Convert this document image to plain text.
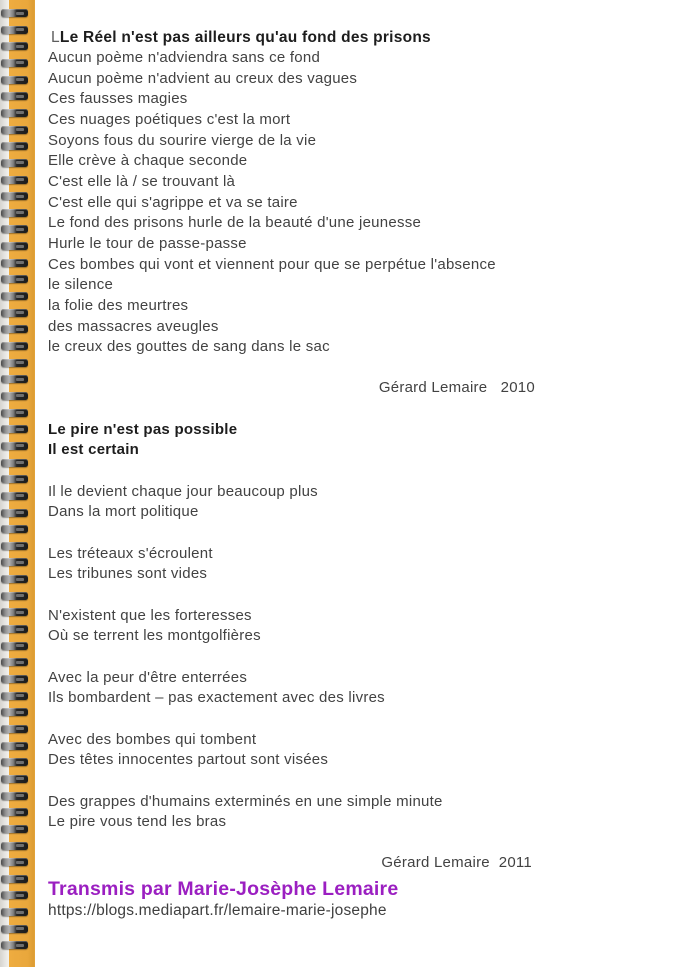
LLe Réel n'est pas ailleurs qu'au fond des prisons
Aucun poème n'adviendra sans ce fond
Aucun poème n'advient au creux des vagues
Ces fausses magies
Ces nuages poétiques c'est la mort
Soyons fous du sourire vierge de la vie
Elle crève à chaque seconde
C'est elle là / se trouvant là
C'est elle qui s'agrippe et va se taire
Le fond des prisons hurle de la beauté d'une jeunesse
Hurle le tour de passe-passe
Ces bombes qui vont et viennent pour que se perpétue l'absence
le silence
la folie des meurtres
des massacres aveugles
le creux des gouttes de sang dans le sac
Gérard Lemaire   2010
Le pire n'est pas possible
Il est certain
Il le devient chaque jour beaucoup plus
Dans la mort politique
Les tréteaux s'écroulent
Les tribunes sont vides
N'existent que les forteresses
Où se terrent les montgolfières
Avec la peur d'être enterrées
Ils bombardent – pas exactement avec des livres
Avec des bombes qui tombent
Des têtes innocentes partout sont visées
Des grappes d'humains exterminés en une simple minute
Le pire vous tend les bras
Gérard Lemaire  2011
Transmis par Marie-Josèphe Lemaire
https://blogs.mediapart.fr/lemaire-marie-josephe
